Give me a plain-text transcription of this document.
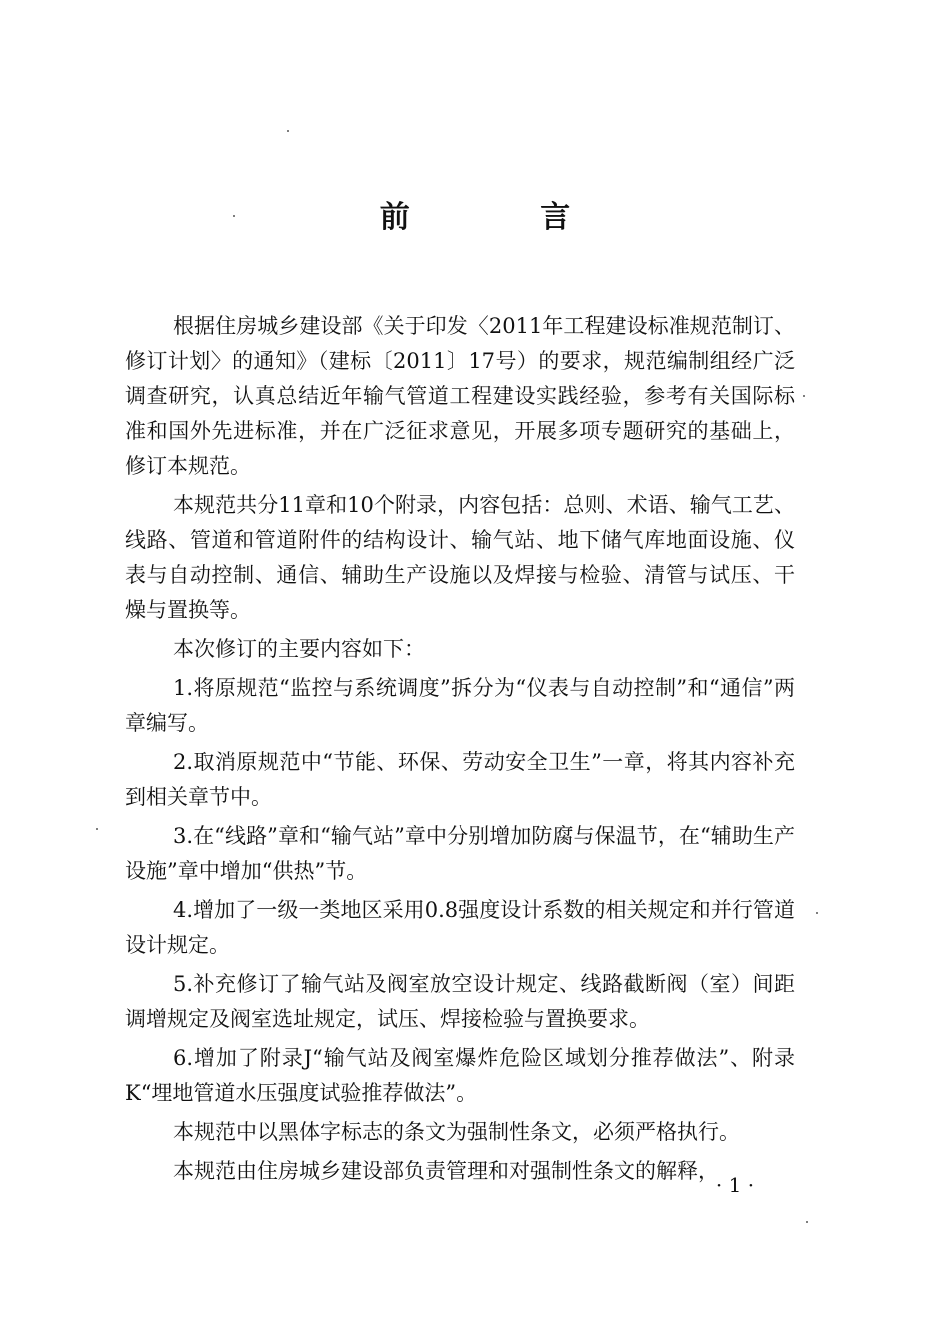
前 言

根据住房城乡建设部《关于印发〈2011年工程建设标准规范制订、修订计划〉的通知》（建标〔2011〕17号）的要求，规范编制组经广泛调查研究，认真总结近年输气管道工程建设实践经验，参考有关国际标准和国外先进标准，并在广泛征求意见，开展多项专题研究的基础上，修订本规范。

本规范共分11章和10个附录，内容包括：总则、术语、输气工艺、线路、管道和管道附件的结构设计、输气站、地下储气库地面设施、仪表与自动控制、通信、辅助生产设施以及焊接与检验、清管与试压、干燥与置换等。

本次修订的主要内容如下：

1.将原规范“监控与系统调度”拆分为“仪表与自动控制”和“通信”两章编写。

2.取消原规范中“节能、环保、劳动安全卫生”一章，将其内容补充到相关章节中。

3.在“线路”章和“输气站”章中分别增加防腐与保温节，在“辅助生产设施”章中增加“供热”节。

4.增加了一级一类地区采用0.8强度设计系数的相关规定和并行管道设计规定。

5.补充修订了输气站及阀室放空设计规定、线路截断阀（室）间距调增规定及阀室选址规定，试压、焊接检验与置换要求。

6.增加了附录J“输气站及阀室爆炸危险区域划分推荐做法”、附录K“埋地管道水压强度试验推荐做法”。

本规范中以黑体字标志的条文为强制性条文，必须严格执行。

本规范由住房城乡建设部负责管理和对强制性条文的解释，

· 1 ·
